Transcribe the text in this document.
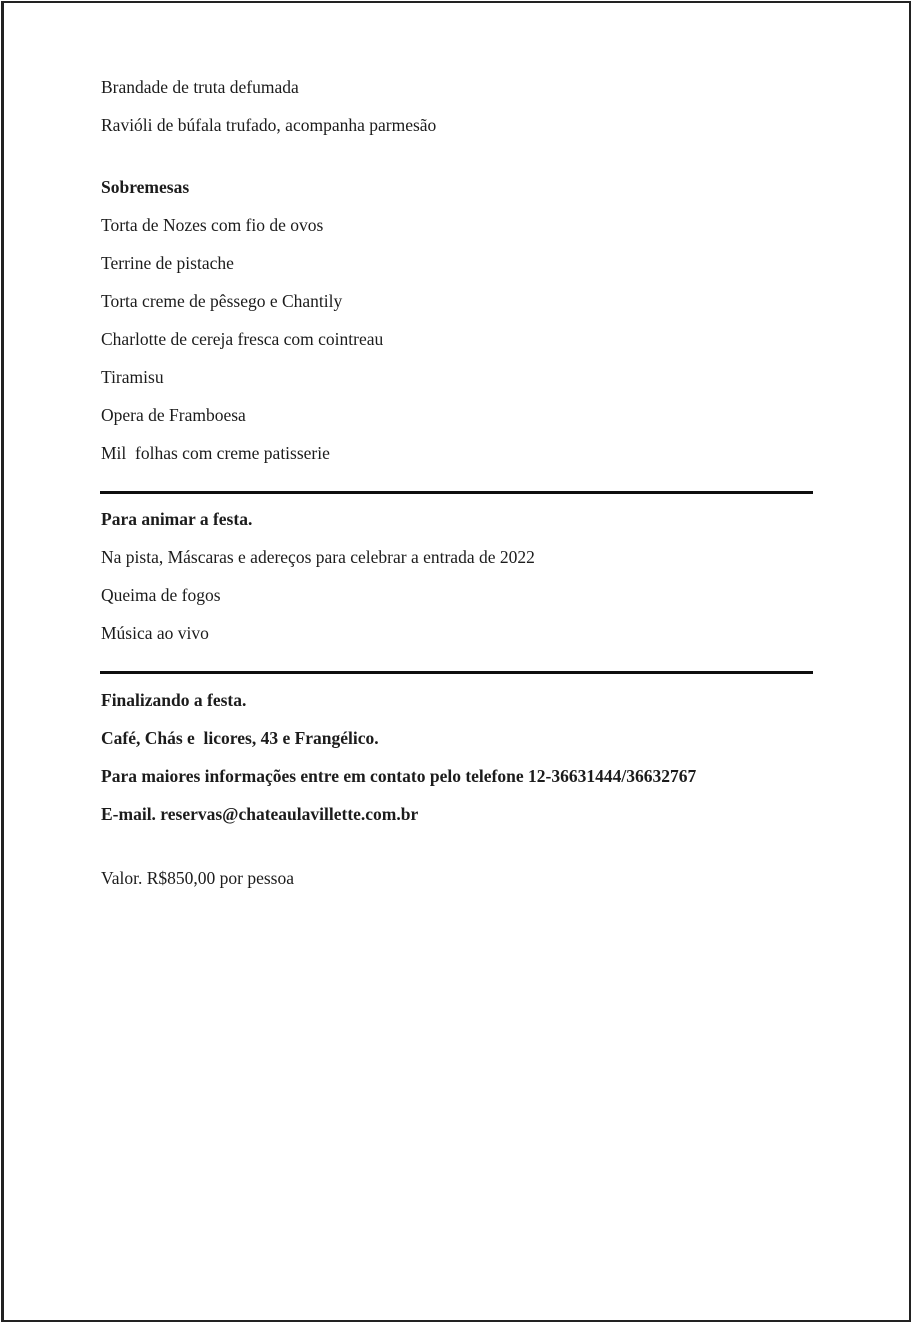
Brandade de truta defumada

Ravióli de búfala trufado, acompanha parmesão

Sobremesas

Torta de Nozes com fio de ovos

Terrine de pistache

Torta creme de pêssego e Chantily

Charlotte de cereja fresca com cointreau

Tiramisu

Opera de Framboesa

Mil  folhas com creme patisserie

Para animar a festa.

Na pista, Máscaras e adereços para celebrar a entrada de 2022

Queima de fogos

Música ao vivo

Finalizando a festa.

Café, Chás e  licores, 43 e Frangélico.

Para maiores informações entre em contato pelo telefone 12-36631444/36632767

E-mail. reservas@chateaulavillette.com.br

Valor. R$850,00 por pessoa
